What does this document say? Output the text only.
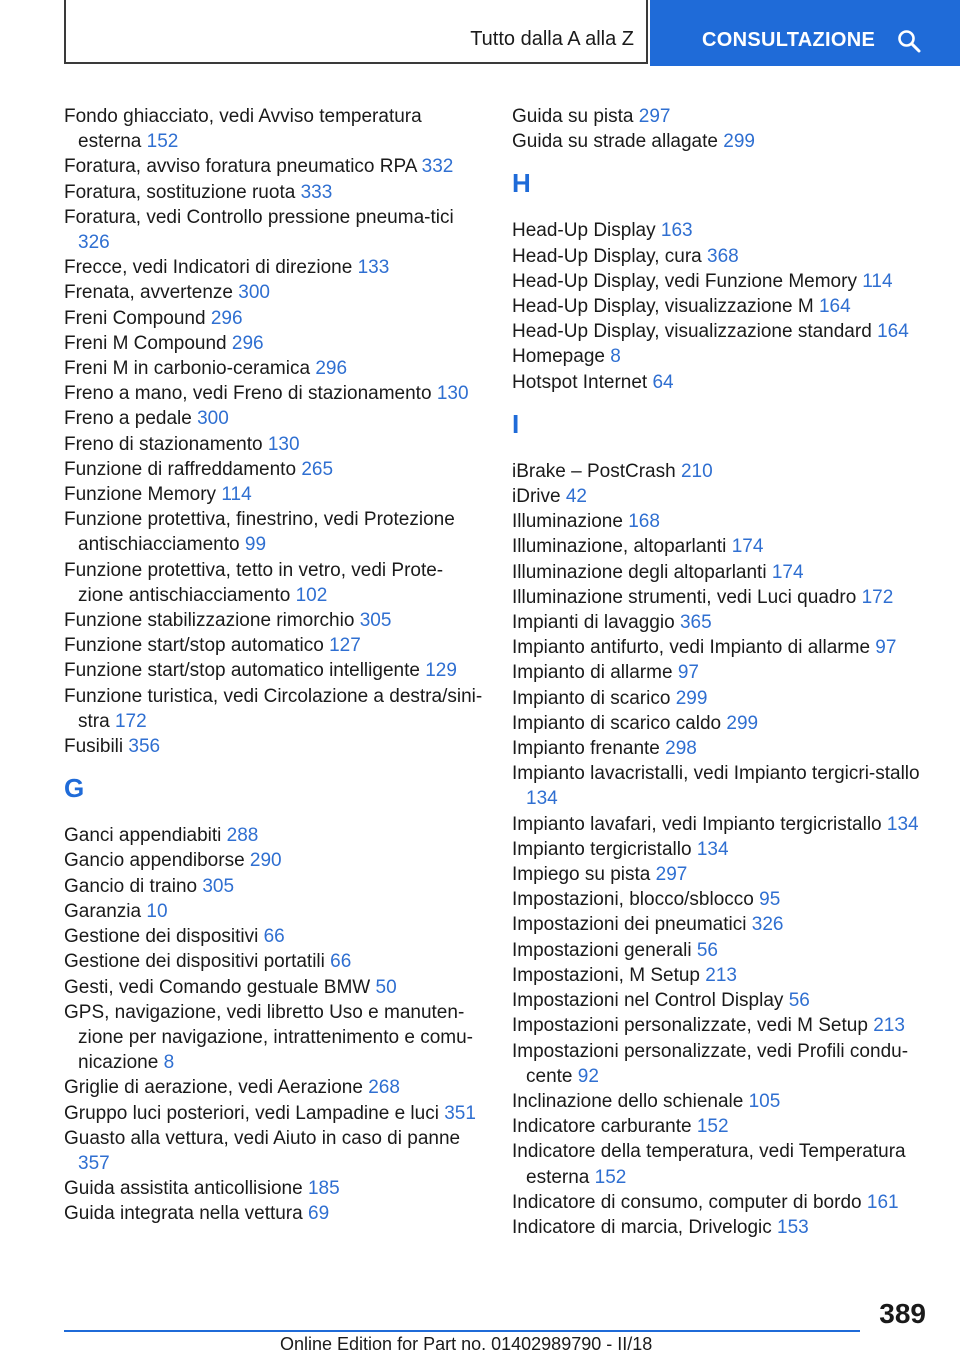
Tutto dalla A alla Z	CONSULTAZIONE
Fondo ghiacciato, vedi Avviso temperatura esterna 152
Foratura, avviso foratura pneumatico RPA 332
Foratura, sostituzione ruota 333
Foratura, vedi Controllo pressione pneuma-tici 326
Frecce, vedi Indicatori di direzione 133
Frenata, avvertenze 300
Freni Compound 296
Freni M Compound 296
Freni M in carbonio-ceramica 296
Freno a mano, vedi Freno di stazionamento 130
Freno a pedale 300
Freno di stazionamento 130
Funzione di raffreddamento 265
Funzione Memory 114
Funzione protettiva, finestrino, vedi Protezione antischiacciamento 99
Funzione protettiva, tetto in vetro, vedi Prote-zione antischiacciamento 102
Funzione stabilizzazione rimorchio 305
Funzione start/stop automatico 127
Funzione start/stop automatico intelligente 129
Funzione turistica, vedi Circolazione a destra/sini-stra 172
Fusibili 356
G
Ganci appendiabiti 288
Gancio appendiborse 290
Gancio di traino 305
Garanzia 10
Gestione dei dispositivi 66
Gestione dei dispositivi portatili 66
Gesti, vedi Comando gestuale BMW 50
GPS, navigazione, vedi libretto Uso e manuten-zione per navigazione, intrattenimento e comu-nicazione 8
Griglie di aerazione, vedi Aerazione 268
Gruppo luci posteriori, vedi Lampadine e luci 351
Guasto alla vettura, vedi Aiuto in caso di panne 357
Guida assistita anticollisione 185
Guida integrata nella vettura 69
Guida su pista 297
Guida su strade allagate 299
H
Head-Up Display 163
Head-Up Display, cura 368
Head-Up Display, vedi Funzione Memory 114
Head-Up Display, visualizzazione M 164
Head-Up Display, visualizzazione standard 164
Homepage 8
Hotspot Internet 64
I
iBrake – PostCrash 210
iDrive 42
Illuminazione 168
Illuminazione, altoparlanti 174
Illuminazione degli altoparlanti 174
Illuminazione strumenti, vedi Luci quadro 172
Impianti di lavaggio 365
Impianto antifurto, vedi Impianto di allarme 97
Impianto di allarme 97
Impianto di scarico 299
Impianto di scarico caldo 299
Impianto frenante 298
Impianto lavacristalli, vedi Impianto tergicri-stallo 134
Impianto lavafari, vedi Impianto tergicristallo 134
Impianto tergicristallo 134
Impiego su pista 297
Impostazioni, blocco/sblocco 95
Impostazioni dei pneumatici 326
Impostazioni generali 56
Impostazioni, M Setup 213
Impostazioni nel Control Display 56
Impostazioni personalizzate, vedi M Setup 213
Impostazioni personalizzate, vedi Profili condu-cente 92
Inclinazione dello schienale 105
Indicatore carburante 152
Indicatore della temperatura, vedi Temperatura esterna 152
Indicatore di consumo, computer di bordo 161
Indicatore di marcia, Drivelogic 153
389
Online Edition for Part no. 01402989790 - II/18
